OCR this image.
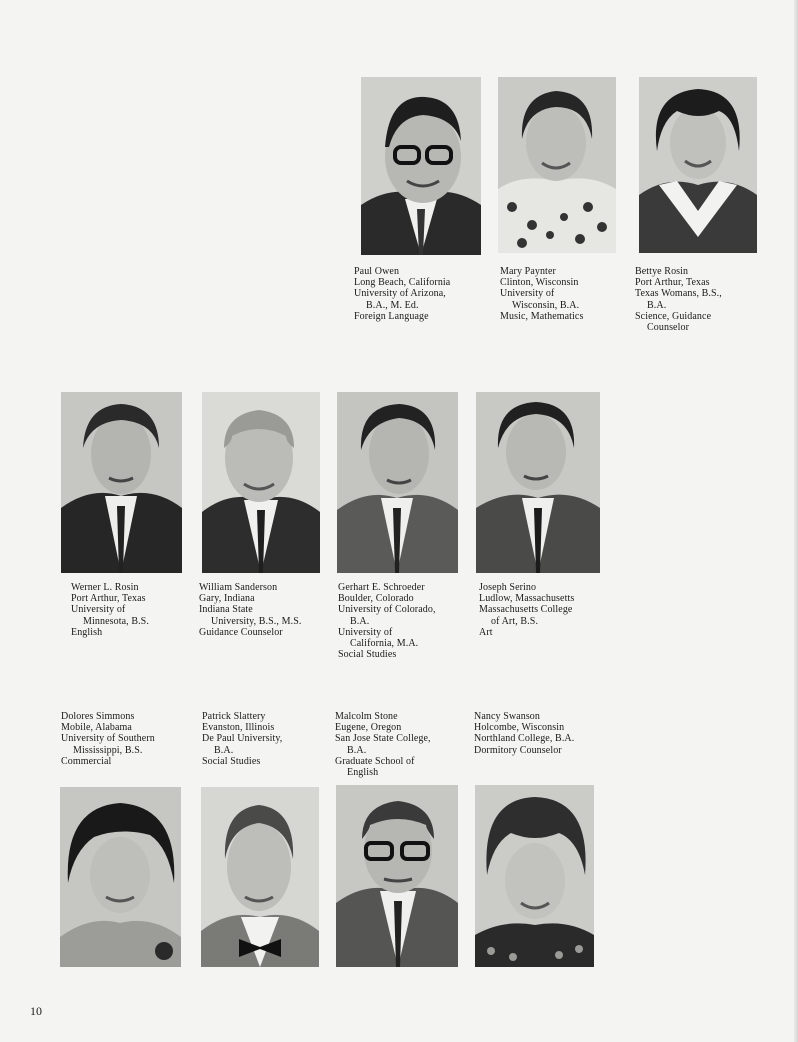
Paul Owen
Long Beach, California
University of Arizona,
B.A., M. Ed.
Foreign Language
Mary Paynter
Clinton, Wisconsin
University of
Wisconsin, B.A.
Music, Mathematics
Bettye Rosin
Port Arthur, Texas
Texas Womans, B.S.,
B.A.
Science, Guidance
Counselor
Werner L. Rosin
Port Arthur, Texas
University of
Minnesota, B.S.
English
William Sanderson
Gary, Indiana
Indiana State
University, B.S., M.S.
Guidance Counselor
Gerhart E. Schroeder
Boulder, Colorado
University of Colorado,
B.A.
University of
California, M.A.
Social Studies
Joseph Serino
Ludlow, Massachusetts
Massachusetts College
of Art, B.S.
Art
Dolores Simmons
Mobile, Alabama
University of Southern
Mississippi, B.S.
Commercial
Patrick Slattery
Evanston, Illinois
De Paul University,
B.A.
Social Studies
Malcolm Stone
Eugene, Oregon
San Jose State College,
B.A.
Graduate School of
English
Nancy Swanson
Holcombe, Wisconsin
Northland College, B.A.
Dormitory Counselor
10
